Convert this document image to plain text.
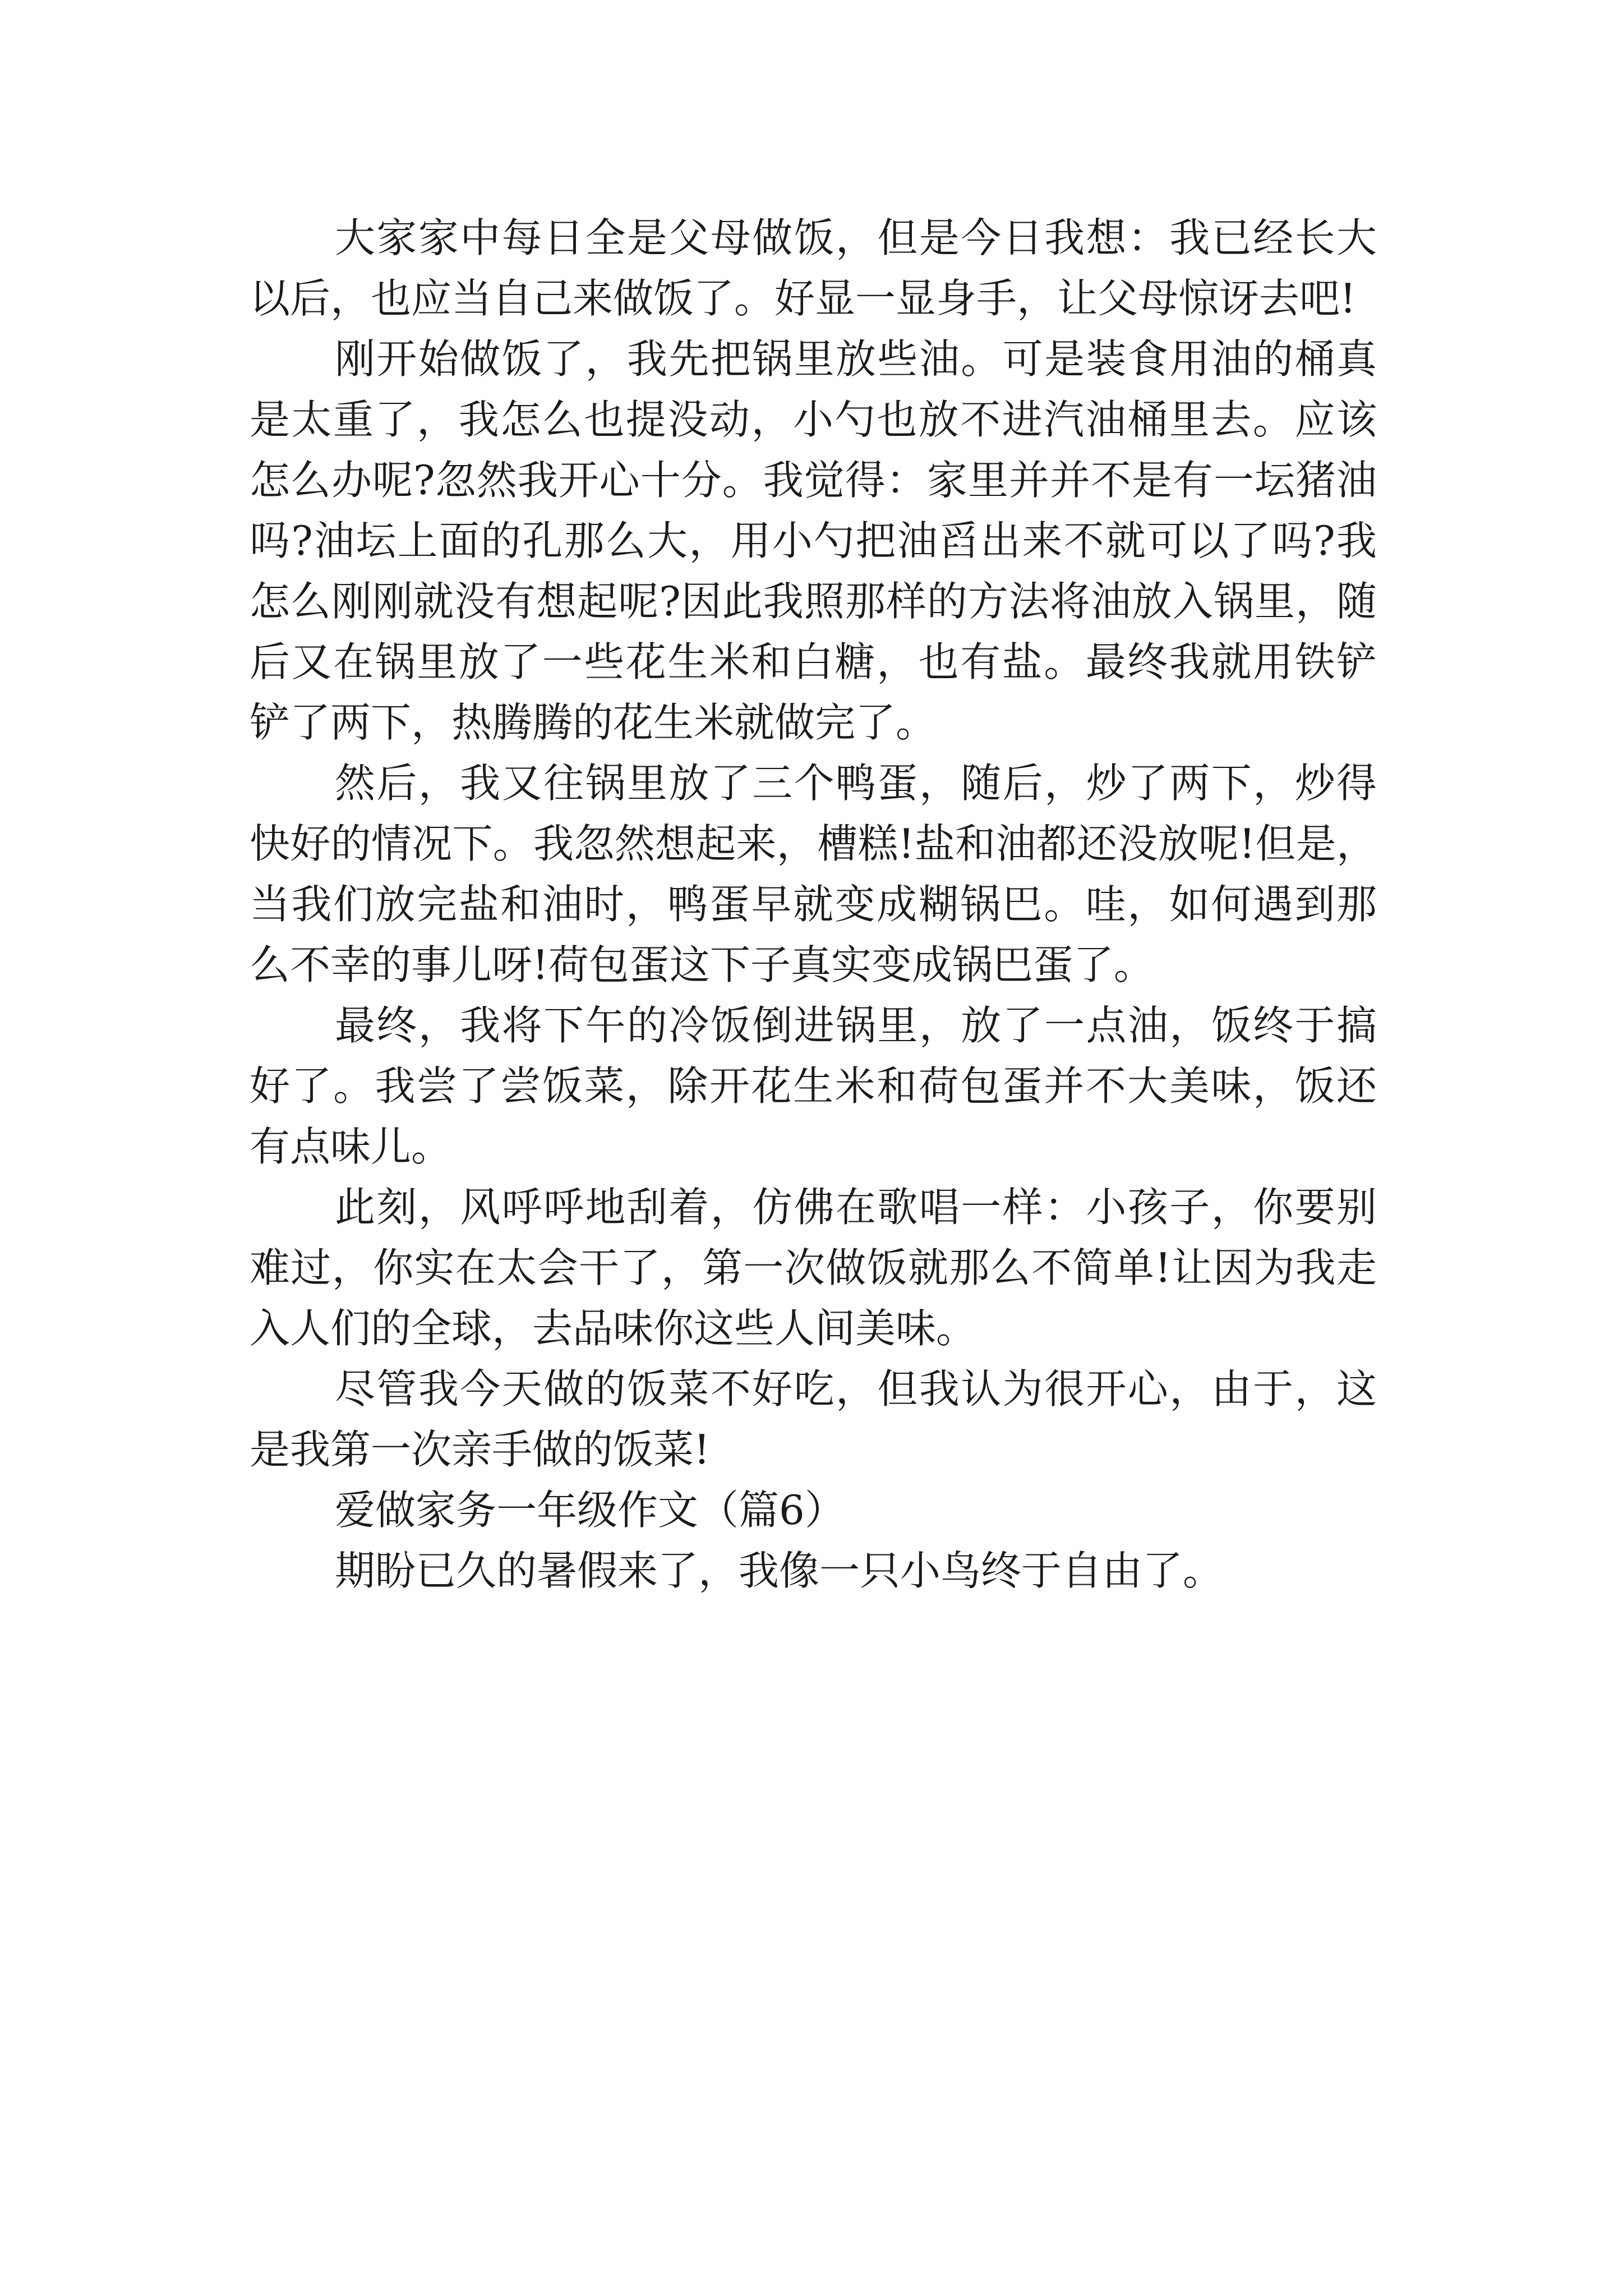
大家家中每日全是父母做饭，但是今日我想：我已经长大以后，也应当自己来做饭了。好显一显身手，让父母惊讶去吧!

刚开始做饭了，我先把锅里放些油。可是装食用油的桶真是太重了，我怎么也提没动，小勺也放不进汽油桶里去。应该怎么办呢?忽然我开心十分。我觉得：家里并并不是有一坛猪油吗?油坛上面的孔那么大，用小勺把油舀出来不就可以了吗?我怎么刚刚就没有想起呢?因此我照那样的方法将油放入锅里，随后又在锅里放了一些花生米和白糖，也有盐。最终我就用铁铲铲了两下，热腾腾的花生米就做完了。

然后，我又往锅里放了三个鸭蛋，随后，炒了两下，炒得快好的情况下。我忽然想起来，槽糕!盐和油都还没放呢!但是，当我们放完盐和油时，鸭蛋早就变成糊锅巴。哇，如何遇到那么不幸的事儿呀!荷包蛋这下子真实变成锅巴蛋了。

最终，我将下午的冷饭倒进锅里，放了一点油，饭终于搞好了。我尝了尝饭菜，除开花生米和荷包蛋并不大美味，饭还有点味儿。

此刻，风呼呼地刮着，仿佛在歌唱一样：小孩子，你要别难过，你实在太会干了，第一次做饭就那么不简单!让因为我走入人们的全球，去品味你这些人间美味。

尽管我今天做的饭菜不好吃，但我认为很开心，由于，这是我第一次亲手做的饭菜!

爱做家务一年级作文（篇6）

期盼已久的暑假来了，我像一只小鸟终于自由了。
